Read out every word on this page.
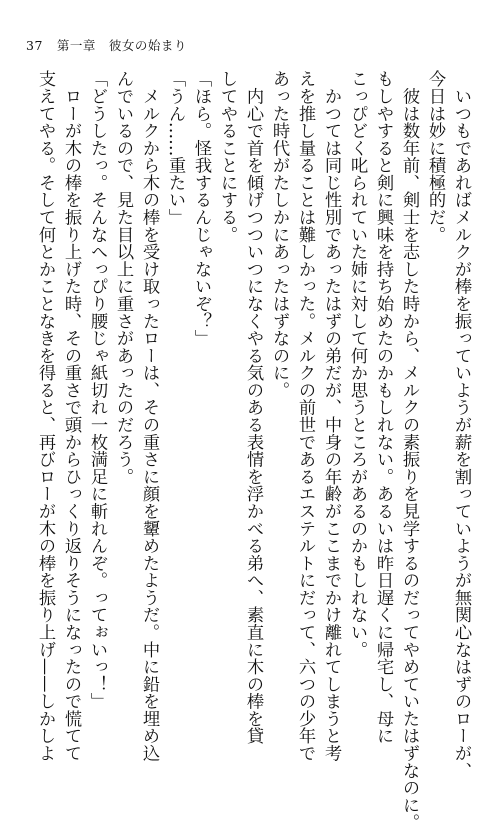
37 第一章　彼女の始まり
　いつもであればメルクが棒を振っていようが薪を割っていようが無関心なはずのローが、
今日は妙に積極的だ。
　彼は数年前、剣士を志した時から、メルクの素振りを見学するのだってやめていたはずなのに。
もしやすると剣に興味を持ち始めたのかもしれない。あるいは昨日遅くに帰宅し、母に
こっぴどく叱られていた姉に対して何か思うところがあるのかもしれない。
　かつては同じ性別であったはずの弟だが、中身の年齢がここまでかけ離れてしまうと考
えを推し量ることは難しかった。メルクの前世であるエステルトにだって、六つの少年で
あった時代がたしかにあったはずなのに。
　内心で首を傾げつついつになくやる気のある表情を浮かべる弟へ、素直に木の棒を貸
してやることにする。
「ほら。怪我するんじゃないぞ？」
「うん……重たい」
　メルクから木の棒を受け取ったローは、その重さに顔を顰めたようだ。中に鉛を埋め込
んでいるので、見た目以上に重さがあったのだろう。
「どうしたっ。そんなへっぴり腰じゃ紙切れ一枚満足に斬れんぞ。ってぉいっ！」
　ローが木の棒を振り上げた時、その重さで頭からひっくり返りそうになったので慌てて
支えてやる。そして何とかことなきを得ると、再びローが木の棒を振り上げ——しかしよ
